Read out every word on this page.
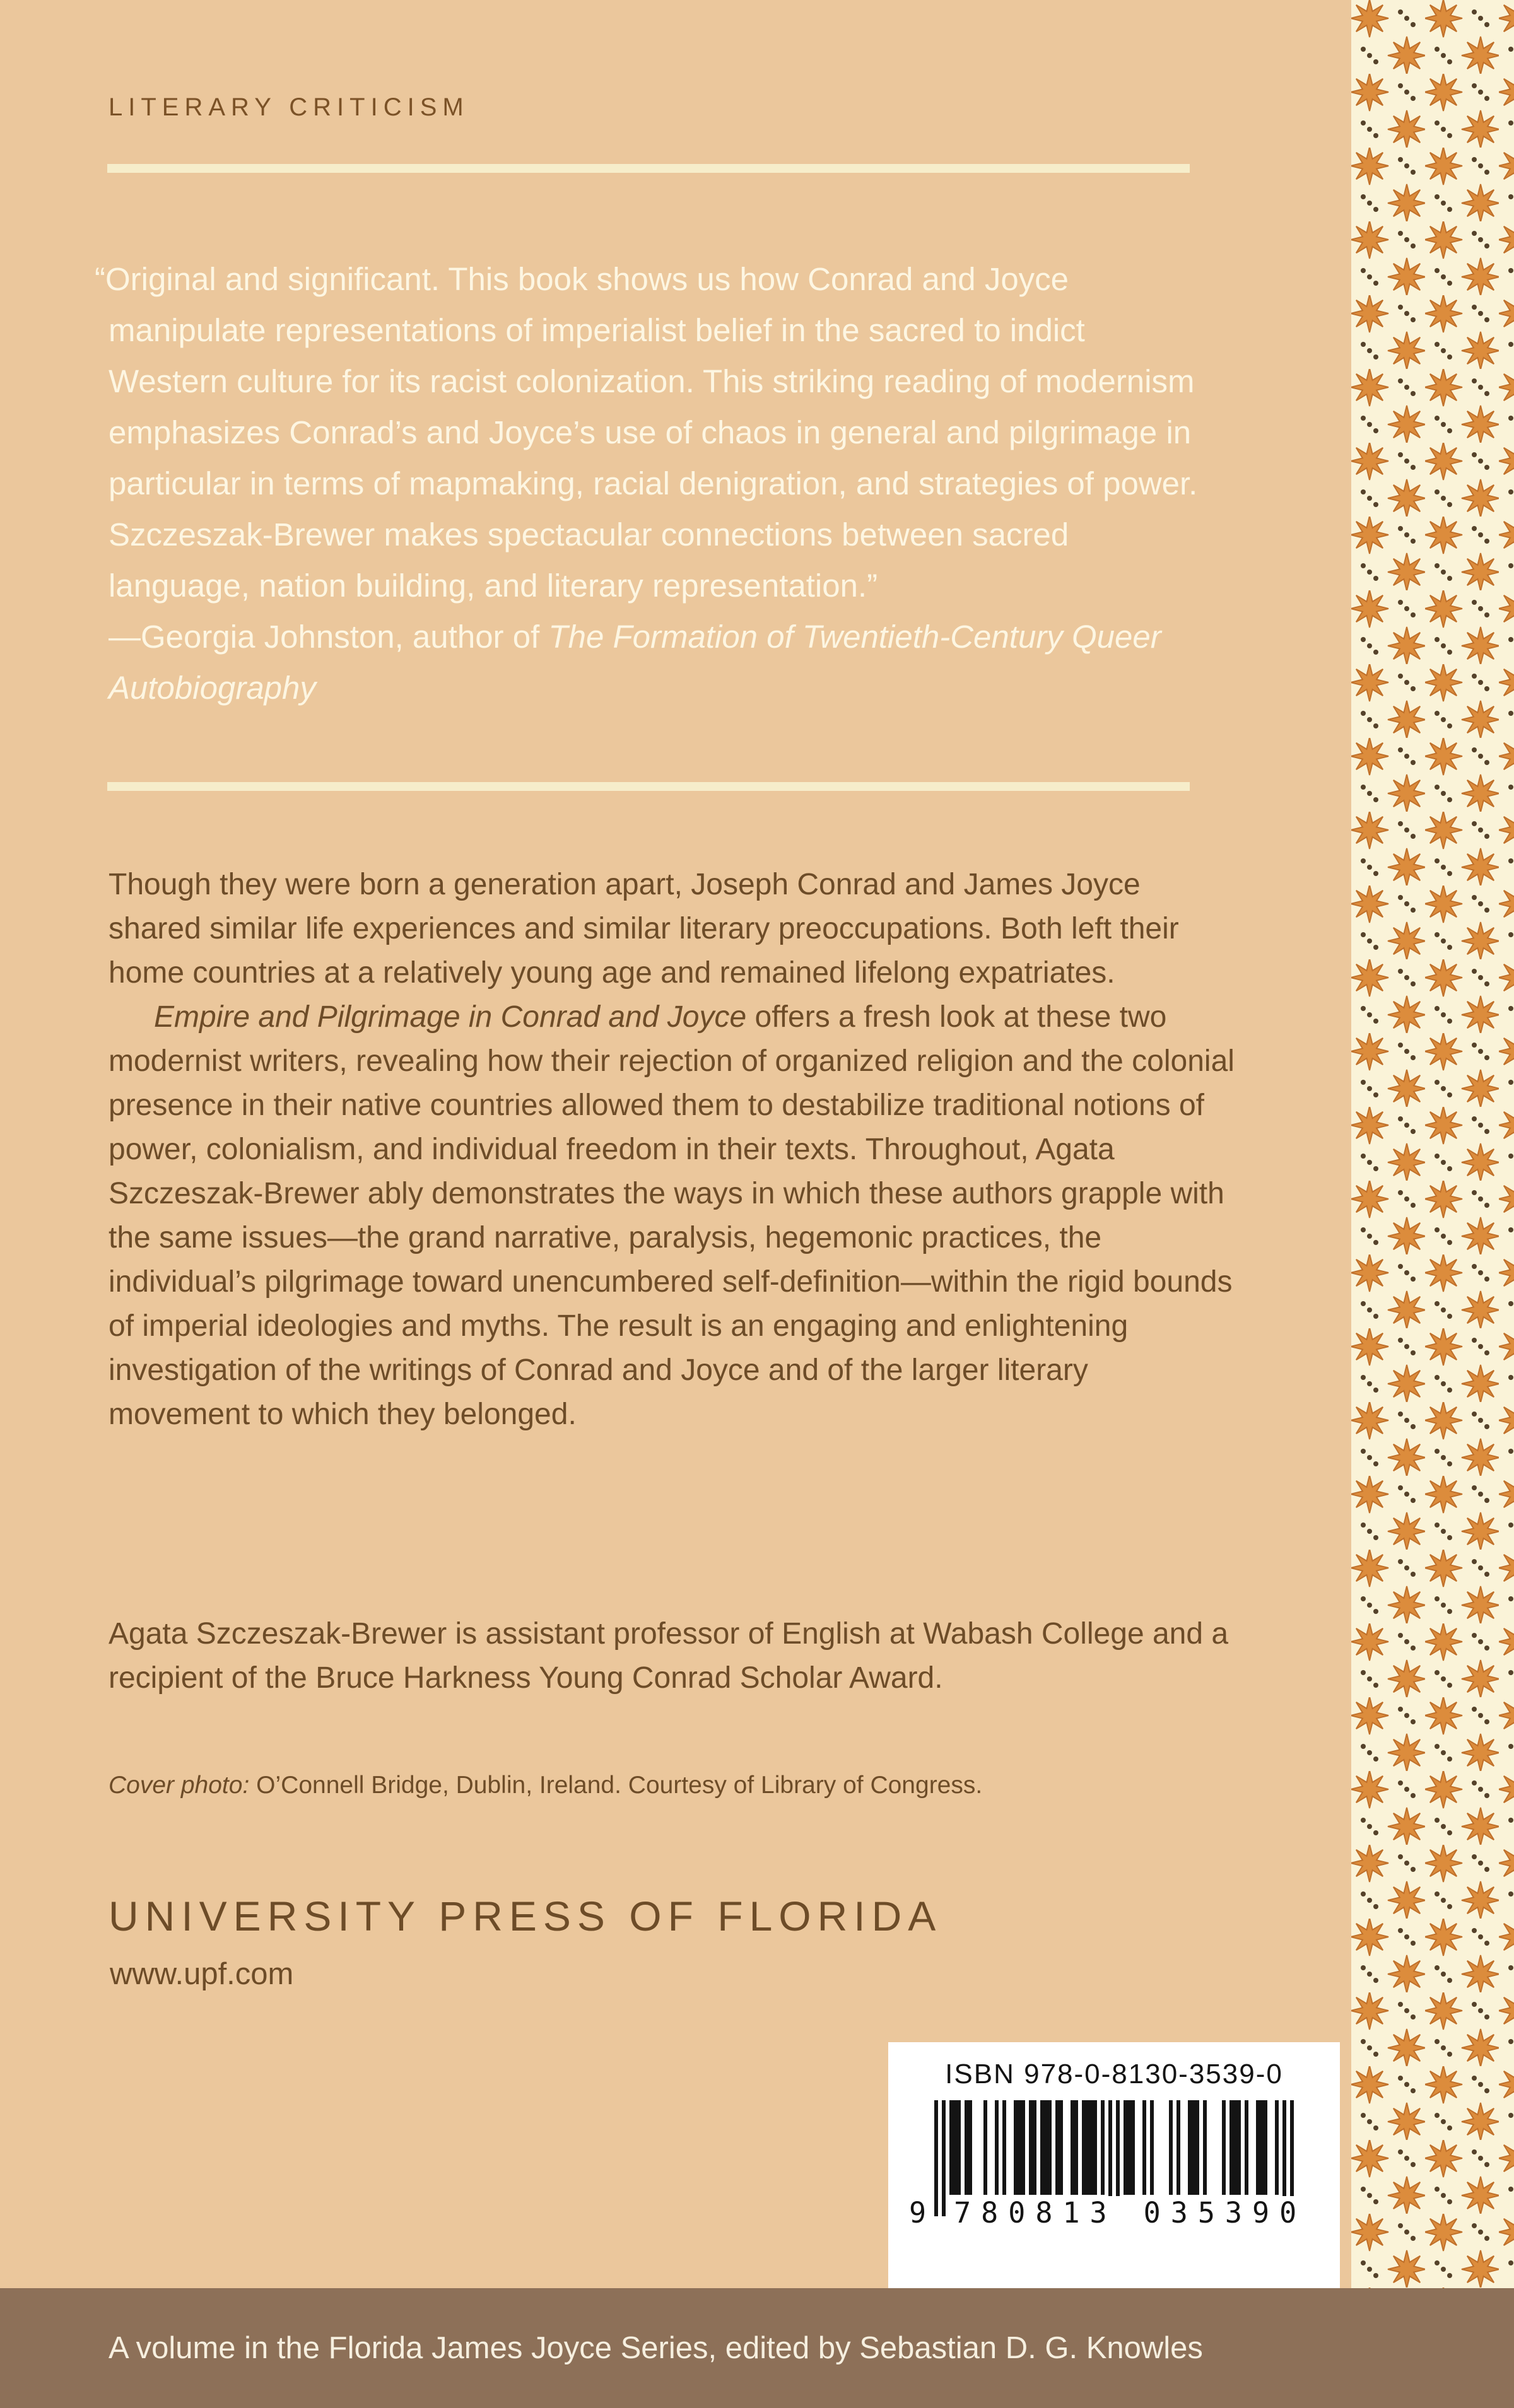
LITERARY CRITICISM
“Original and significant. This book shows us how Conrad and Joyce manipulate representations of imperialist belief in the sacred to indict Western culture for its racist colonization. This striking reading of modernism emphasizes Conrad’s and Joyce’s use of chaos in general and pilgrimage in particular in terms of mapmaking, racial denigration, and strategies of power. Szczeszak-Brewer makes spectacular connections between sacred language, nation building, and literary representation.”
—Georgia Johnston, author of The Formation of Twentieth-Century Queer Autobiography

Though they were born a generation apart, Joseph Conrad and James Joyce shared similar life experiences and similar literary preoccupations. Both left their home countries at a relatively young age and remained lifelong expatriates.

Empire and Pilgrimage in Conrad and Joyce offers a fresh look at these two modernist writers, revealing how their rejection of organized religion and the colonial presence in their native countries allowed them to destabilize traditional notions of power, colonialism, and individual freedom in their texts. Throughout, Agata Szczeszak-Brewer ably demonstrates the ways in which these authors grapple with the same issues—the grand narrative, paralysis, hegemonic practices, the individual’s pilgrimage toward unencumbered self-definition—within the rigid bounds of imperial ideologies and myths. The result is an engaging and enlightening investigation of the writings of Conrad and Joyce and of the larger literary movement to which they belonged.

Agata Szczeszak-Brewer is assistant professor of English at Wabash College and a recipient of the Bruce Harkness Young Conrad Scholar Award.
Cover photo: O’Connell Bridge, Dublin, Ireland. Courtesy of Library of Congress.
UNIVERSITY PRESS OF FLORIDA
www.upf.com
ISBN 978-0-8130-3539-0
9 780813 035390
A volume in the Florida James Joyce Series, edited by Sebastian D. G. Knowles
